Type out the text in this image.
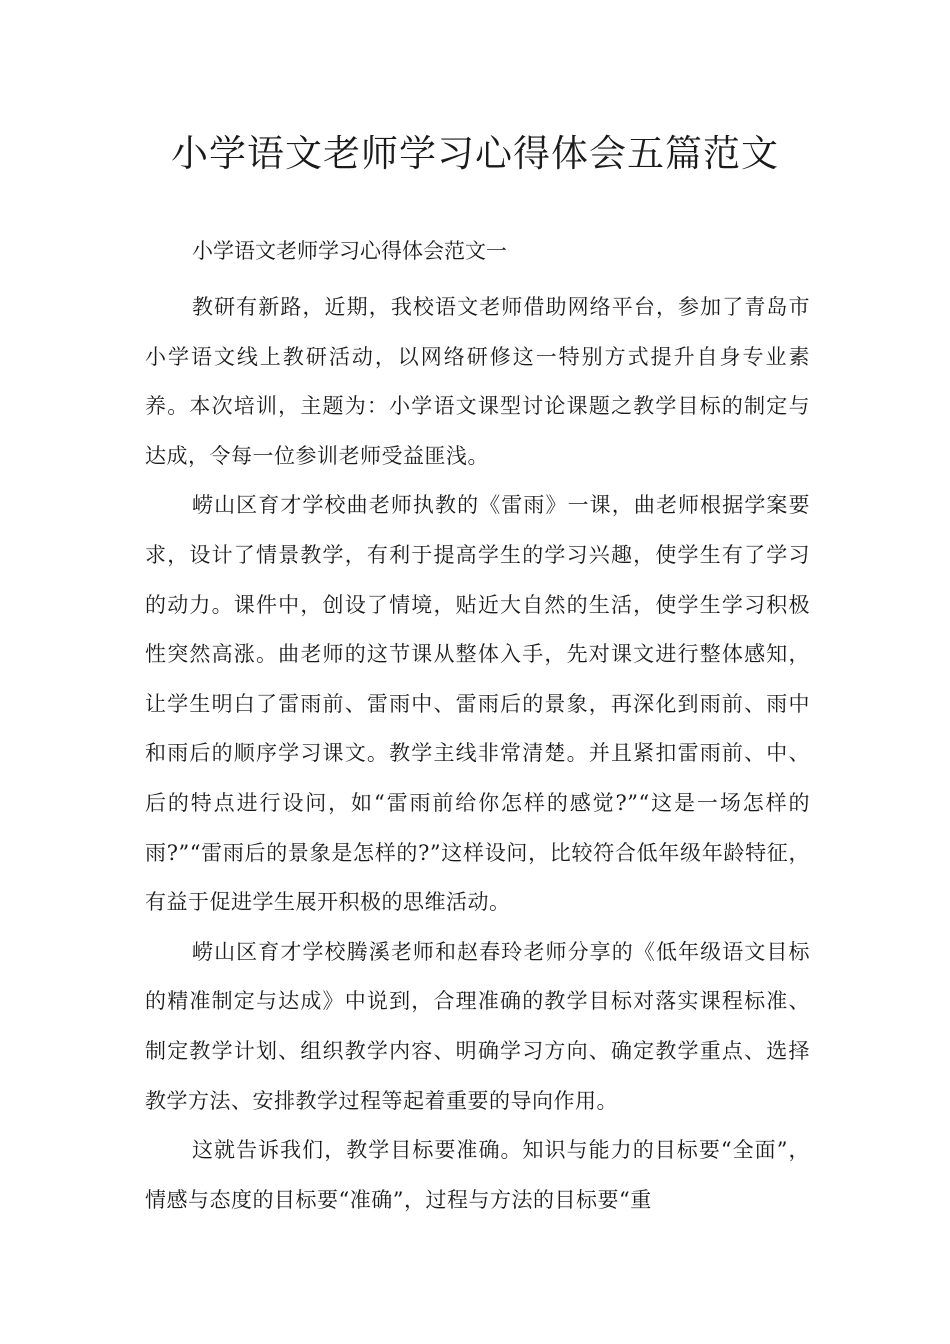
小学语文老师学习心得体会五篇范文

小学语文老师学习心得体会范文一

教研有新路，近期，我校语文老师借助网络平台，参加了青岛市小学语文线上教研活动，以网络研修这一特别方式提升自身专业素养。本次培训，主题为：小学语文课型讨论课题之教学目标的制定与达成，令每一位参训老师受益匪浅。

崂山区育才学校曲老师执教的《雷雨》一课，曲老师根据学案要求，设计了情景教学，有利于提高学生的学习兴趣，使学生有了学习的动力。课件中，创设了情境，贴近大自然的生活，使学生学习积极性突然高涨。曲老师的这节课从整体入手，先对课文进行整体感知，让学生明白了雷雨前、雷雨中、雷雨后的景象，再深化到雨前、雨中和雨后的顺序学习课文。教学主线非常清楚。并且紧扣雷雨前、中、后的特点进行设问，如“雷雨前给你怎样的感觉?”“这是一场怎样的雨?”“雷雨后的景象是怎样的?”这样设问，比较符合低年级年龄特征，有益于促进学生展开积极的思维活动。

崂山区育才学校腾溪老师和赵春玲老师分享的《低年级语文目标的精准制定与达成》中说到，合理准确的教学目标对落实课程标准、制定教学计划、组织教学内容、明确学习方向、确定教学重点、选择教学方法、安排教学过程等起着重要的导向作用。

这就告诉我们，教学目标要准确。知识与能力的目标要“全面”，情感与态度的目标要“准确”，过程与方法的目标要“重
